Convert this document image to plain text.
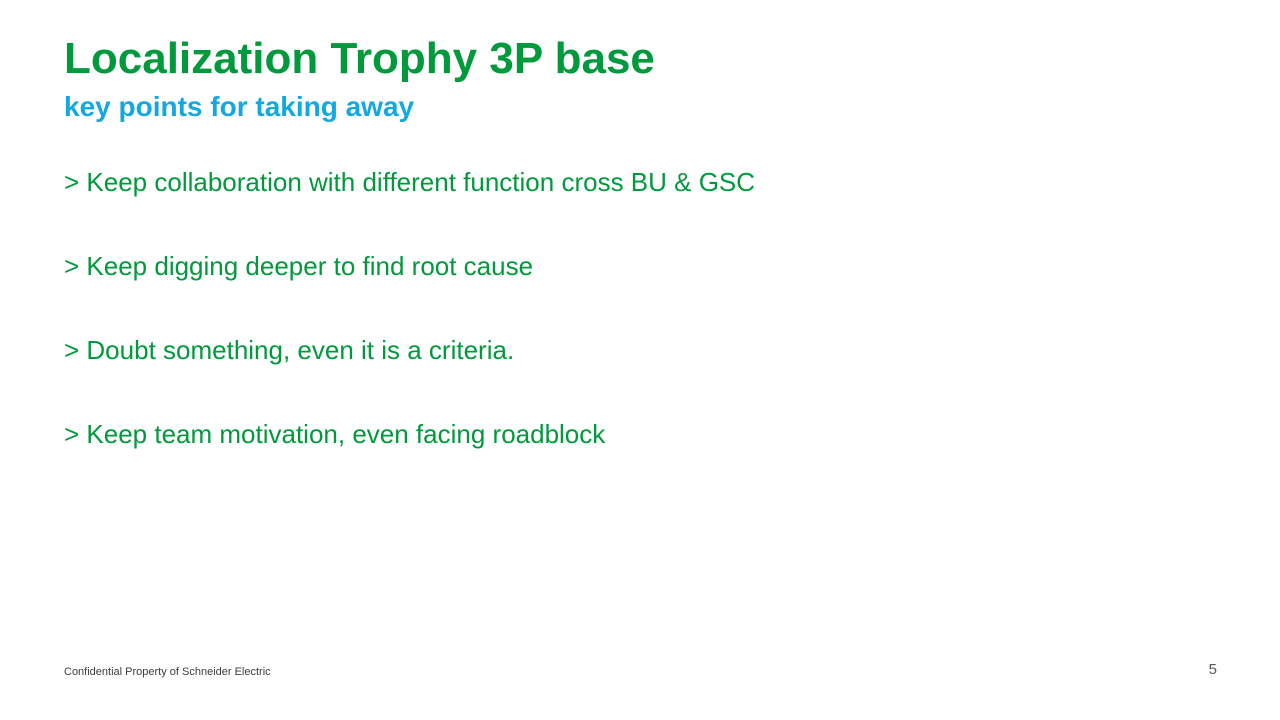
Localization Trophy 3P base
key points for taking away
> Keep collaboration with different function cross BU & GSC
> Keep digging deeper to find root cause
> Doubt something, even it is a criteria.
> Keep team motivation, even facing roadblock
Confidential Property of Schneider Electric	5
